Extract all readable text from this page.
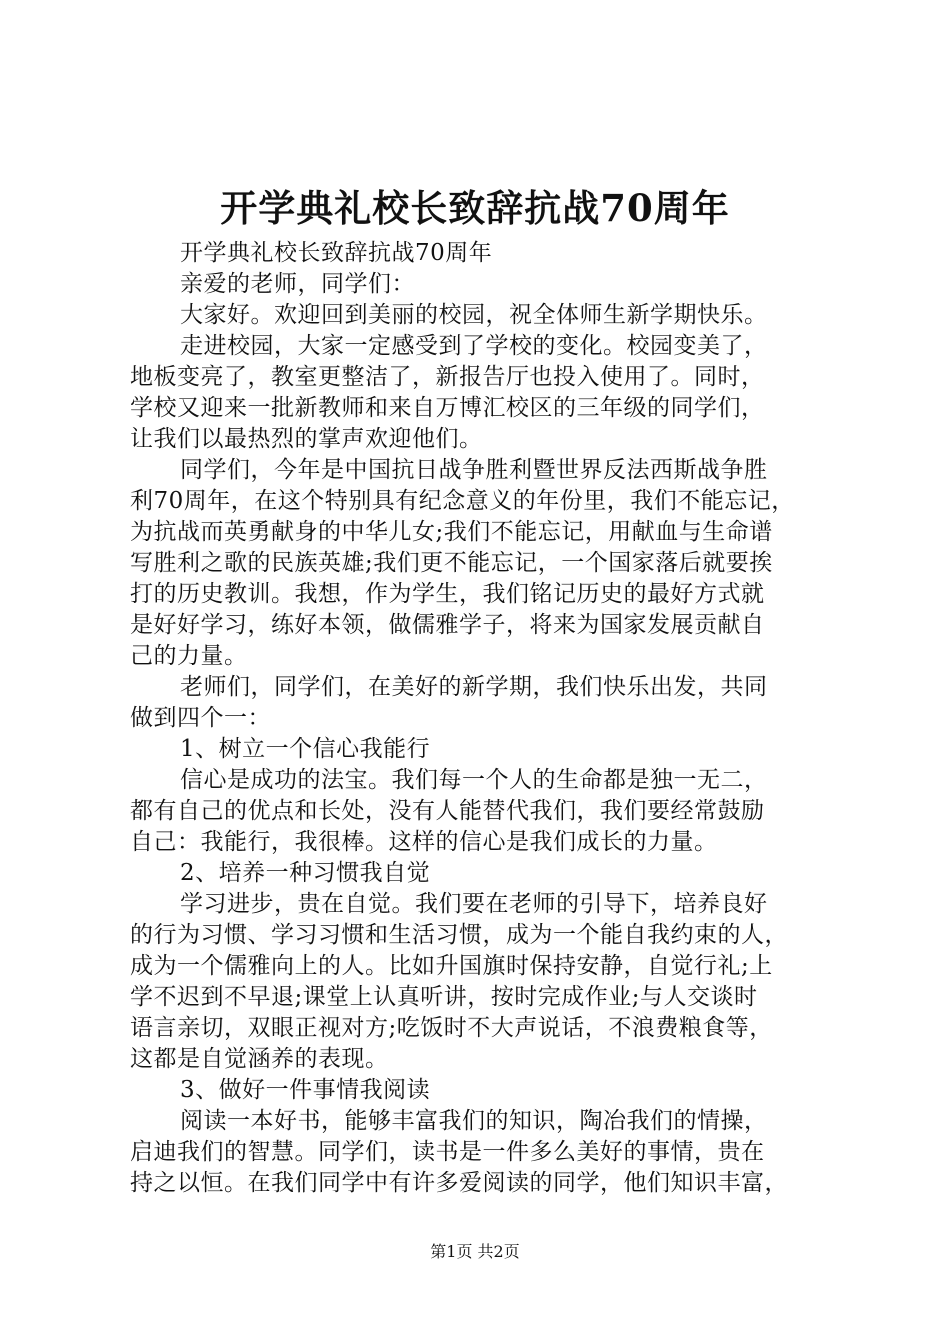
开学典礼校长致辞抗战70周年
开学典礼校长致辞抗战70周年
亲爱的老师，同学们：
大家好。欢迎回到美丽的校园，祝全体师生新学期快乐。
走进校园，大家一定感受到了学校的变化。校园变美了，
地板变亮了，教室更整洁了，新报告厅也投入使用了。同时，
学校又迎来一批新教师和来自万博汇校区的三年级的同学们，
让我们以最热烈的掌声欢迎他们。
同学们，今年是中国抗日战争胜利暨世界反法西斯战争胜
利70周年，在这个特别具有纪念意义的年份里，我们不能忘记，
为抗战而英勇献身的中华儿女;我们不能忘记，用献血与生命谱
写胜利之歌的民族英雄;我们更不能忘记，一个国家落后就要挨
打的历史教训。我想，作为学生，我们铭记历史的最好方式就
是好好学习，练好本领，做儒雅学子，将来为国家发展贡献自
己的力量。
老师们，同学们，在美好的新学期，我们快乐出发，共同
做到四个一：
1、树立一个信心我能行
信心是成功的法宝。我们每一个人的生命都是独一无二，
都有自己的优点和长处，没有人能替代我们，我们要经常鼓励
自己：我能行，我很棒。这样的信心是我们成长的力量。
2、培养一种习惯我自觉
学习进步，贵在自觉。我们要在老师的引导下，培养良好
的行为习惯、学习习惯和生活习惯，成为一个能自我约束的人，
成为一个儒雅向上的人。比如升国旗时保持安静，自觉行礼;上
学不迟到不早退;课堂上认真听讲，按时完成作业;与人交谈时
语言亲切，双眼正视对方;吃饭时不大声说话，不浪费粮食等，
这都是自觉涵养的表现。
3、做好一件事情我阅读
阅读一本好书，能够丰富我们的知识，陶冶我们的情操，
启迪我们的智慧。同学们，读书是一件多么美好的事情，贵在
持之以恒。在我们同学中有许多爱阅读的同学，他们知识丰富，
第1页 共2页
